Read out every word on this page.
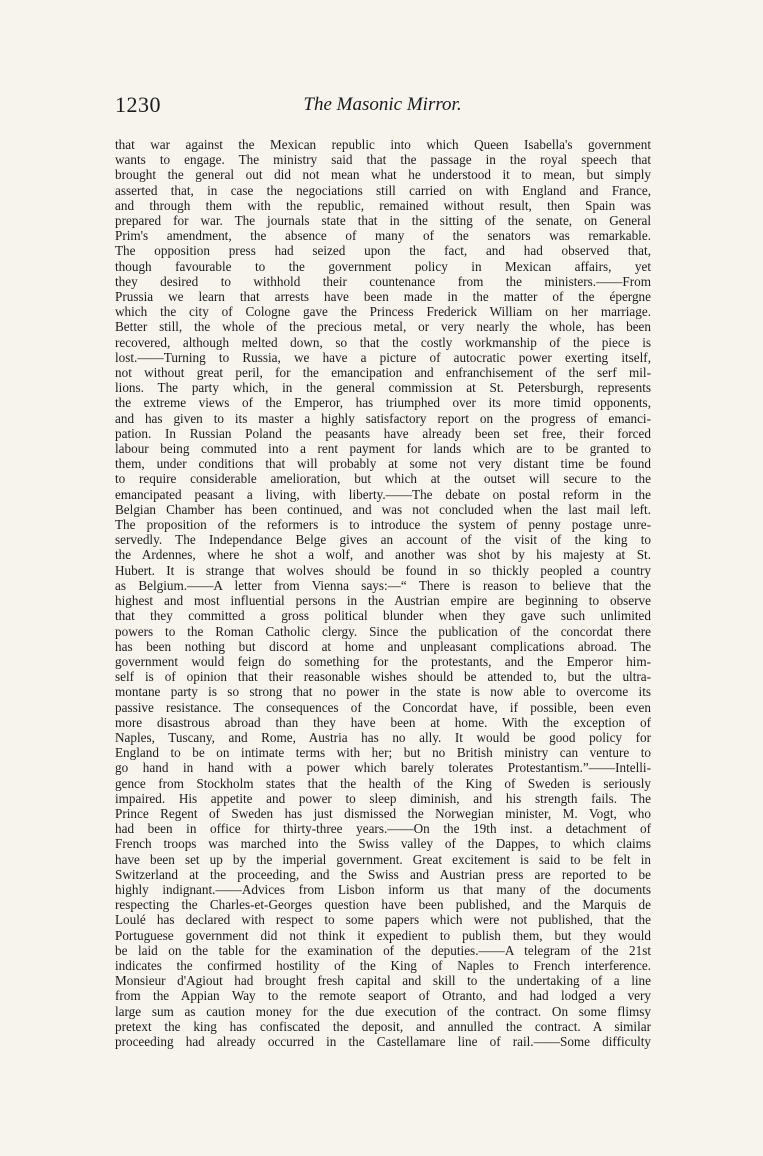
1230	The Masonic Mirror.
that war against the Mexican republic into which Queen Isabella's government
wants to engage. The ministry said that the passage in the royal speech that
brought the general out did not mean what he understood it to mean, but simply
asserted that, in case the negociations still carried on with England and France,
and through them with the republic, remained without result, then Spain was
prepared for war. The journals state that in the sitting of the senate, on General
Prim's amendment, the absence of many of the senators was remarkable.
The opposition press had seized upon the fact, and had observed that,
though favourable to the government policy in Mexican affairs, yet
they desired to withhold their countenance from the ministers.——From
Prussia we learn that arrests have been made in the matter of the épergne
which the city of Cologne gave the Princess Frederick William on her marriage.
Better still, the whole of the precious metal, or very nearly the whole, has been
recovered, although melted down, so that the costly workmanship of the piece is
lost.——Turning to Russia, we have a picture of autocratic power exerting itself,
not without great peril, for the emancipation and enfranchisement of the serf mil-
lions. The party which, in the general commission at St. Petersburgh, represents
the extreme views of the Emperor, has triumphed over its more timid opponents,
and has given to its master a highly satisfactory report on the progress of emanci-
pation. In Russian Poland the peasants have already been set free, their forced
labour being commuted into a rent payment for lands which are to be granted to
them, under conditions that will probably at some not very distant time be found
to require considerable amelioration, but which at the outset will secure to the
emancipated peasant a living, with liberty.——The debate on postal reform in the
Belgian Chamber has been continued, and was not concluded when the last mail left.
The proposition of the reformers is to introduce the system of penny postage unre-
servedly. The Independance Belge gives an account of the visit of the king to
the Ardennes, where he shot a wolf, and another was shot by his majesty at St.
Hubert. It is strange that wolves should be found in so thickly peopled a country
as Belgium.——A letter from Vienna says:—“ There is reason to believe that the
highest and most influential persons in the Austrian empire are beginning to observe
that they committed a gross political blunder when they gave such unlimited
powers to the Roman Catholic clergy. Since the publication of the concordat there
has been nothing but discord at home and unpleasant complications abroad. The
government would feign do something for the protestants, and the Emperor him-
self is of opinion that their reasonable wishes should be attended to, but the ultra-
montane party is so strong that no power in the state is now able to overcome its
passive resistance. The consequences of the Concordat have, if possible, been even
more disastrous abroad than they have been at home. With the exception of
Naples, Tuscany, and Rome, Austria has no ally. It would be good policy for
England to be on intimate terms with her; but no British ministry can venture to
go hand in hand with a power which barely tolerates Protestantism.”——Intelli-
gence from Stockholm states that the health of the King of Sweden is seriously
impaired. His appetite and power to sleep diminish, and his strength fails. The
Prince Regent of Sweden has just dismissed the Norwegian minister, M. Vogt, who
had been in office for thirty-three years.——On the 19th inst. a detachment of
French troops was marched into the Swiss valley of the Dappes, to which claims
have been set up by the imperial government. Great excitement is said to be felt in
Switzerland at the proceeding, and the Swiss and Austrian press are reported to be
highly indignant.——Advices from Lisbon inform us that many of the documents
respecting the Charles-et-Georges question have been published, and the Marquis de
Loulé has declared with respect to some papers which were not published, that the
Portuguese government did not think it expedient to publish them, but they would
be laid on the table for the examination of the deputies.——A telegram of the 21st
indicates the confirmed hostility of the King of Naples to French interference.
Monsieur d'Agiout had brought fresh capital and skill to the undertaking of a line
from the Appian Way to the remote seaport of Otranto, and had lodged a very
large sum as caution money for the due execution of the contract. On some flimsy
pretext the king has confiscated the deposit, and annulled the contract. A similar
proceeding had already occurred in the Castellamare line of rail.——Some difficulty
